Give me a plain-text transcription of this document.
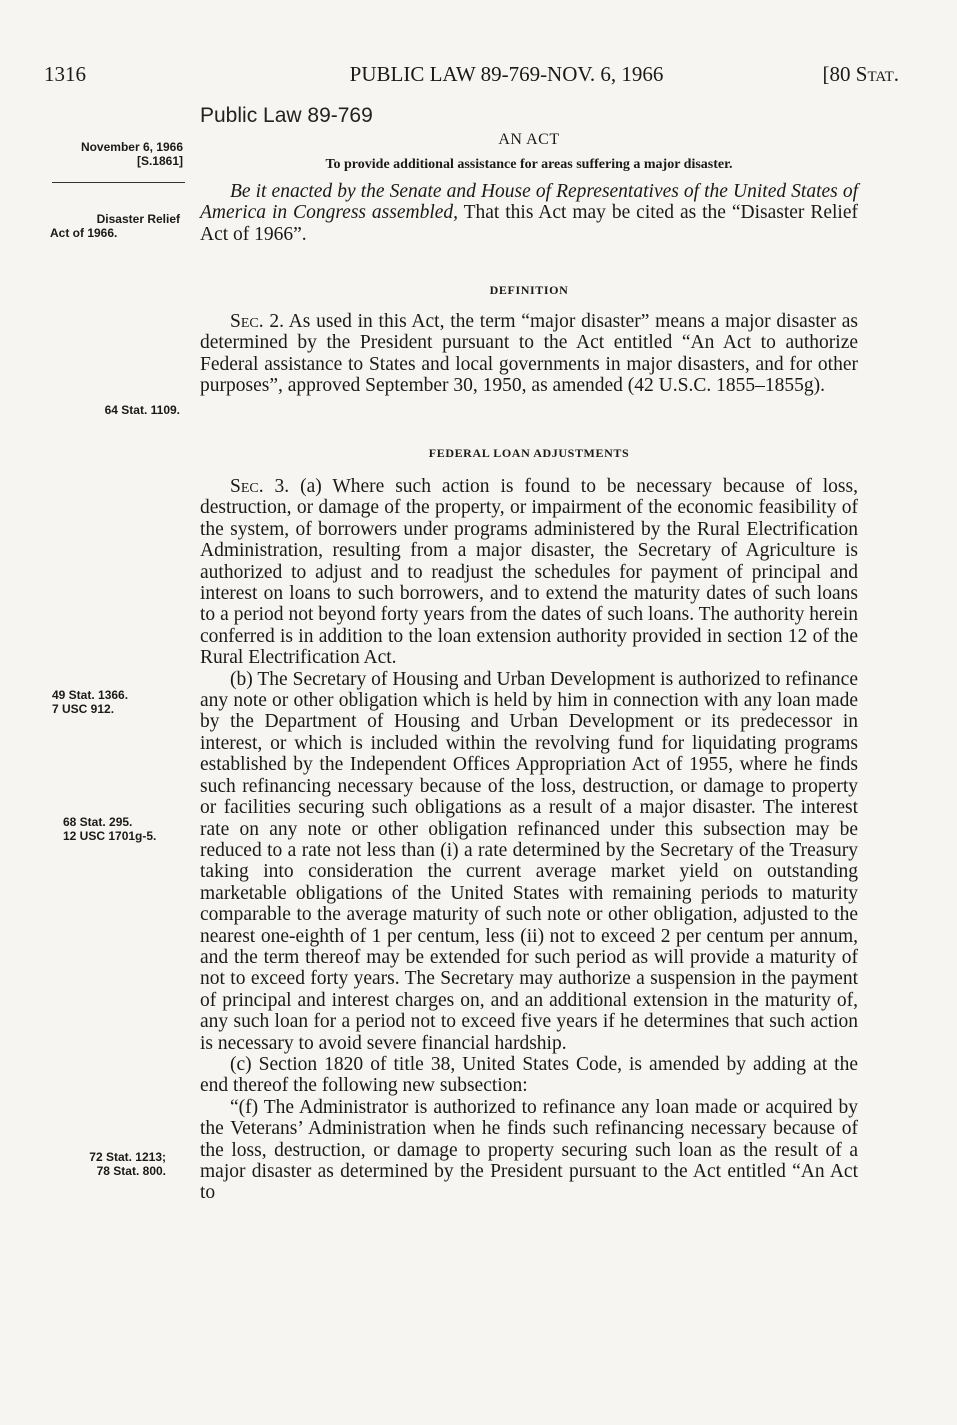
1316	PUBLIC LAW 89-769-NOV. 6, 1966	[80 Stat.
Public Law 89-769
AN ACT
To provide additional assistance for areas suffering a major disaster.
November 6, 1966
[S.1861]
Disaster Relief
Act of 1966.
64 Stat. 1109.
49 Stat. 1366.
7 USC 912.
68 Stat. 295.
12 USC 1701g-5.
72 Stat. 1213;
78 Stat. 800.

Be it enacted by the Senate and House of Representatives of the United States of America in Congress assembled, That this Act may be cited as the “Disaster Relief Act of 1966”.

DEFINITION

Sec. 2. As used in this Act, the term “major disaster” means a major disaster as determined by the President pursuant to the Act entitled “An Act to authorize Federal assistance to States and local governments in major disasters, and for other purposes”, approved September 30, 1950, as amended (42 U.S.C. 1855–1855g).

FEDERAL LOAN ADJUSTMENTS

Sec. 3. (a) Where such action is found to be necessary because of loss, destruction, or damage of the property, or impairment of the economic feasibility of the system, of borrowers under programs administered by the Rural Electrification Administration, resulting from a major disaster, the Secretary of Agriculture is authorized to adjust and to readjust the schedules for payment of principal and interest on loans to such borrowers, and to extend the maturity dates of such loans to a period not beyond forty years from the dates of such loans. The authority herein conferred is in addition to the loan extension authority provided in section 12 of the Rural Electrification Act.

(b) The Secretary of Housing and Urban Development is authorized to refinance any note or other obligation which is held by him in connection with any loan made by the Department of Housing and Urban Development or its predecessor in interest, or which is included within the revolving fund for liquidating programs established by the Independent Offices Appropriation Act of 1955, where he finds such refinancing necessary because of the loss, destruction, or damage to property or facilities securing such obligations as a result of a major disaster. The interest rate on any note or other obligation refinanced under this subsection may be reduced to a rate not less than (i) a rate determined by the Secretary of the Treasury taking into consideration the current average market yield on outstanding marketable obligations of the United States with remaining periods to maturity comparable to the average maturity of such note or other obligation, adjusted to the nearest one-eighth of 1 per centum, less (ii) not to exceed 2 per centum per annum, and the term thereof may be extended for such period as will provide a maturity of not to exceed forty years. The Secretary may authorize a suspension in the payment of principal and interest charges on, and an additional extension in the maturity of, any such loan for a period not to exceed five years if he determines that such action is necessary to avoid severe financial hardship.

(c) Section 1820 of title 38, United States Code, is amended by adding at the end thereof the following new subsection:

“(f) The Administrator is authorized to refinance any loan made or acquired by the Veterans’ Administration when he finds such refinancing necessary because of the loss, destruction, or damage to property securing such loan as the result of a major disaster as determined by the President pursuant to the Act entitled “An Act to
